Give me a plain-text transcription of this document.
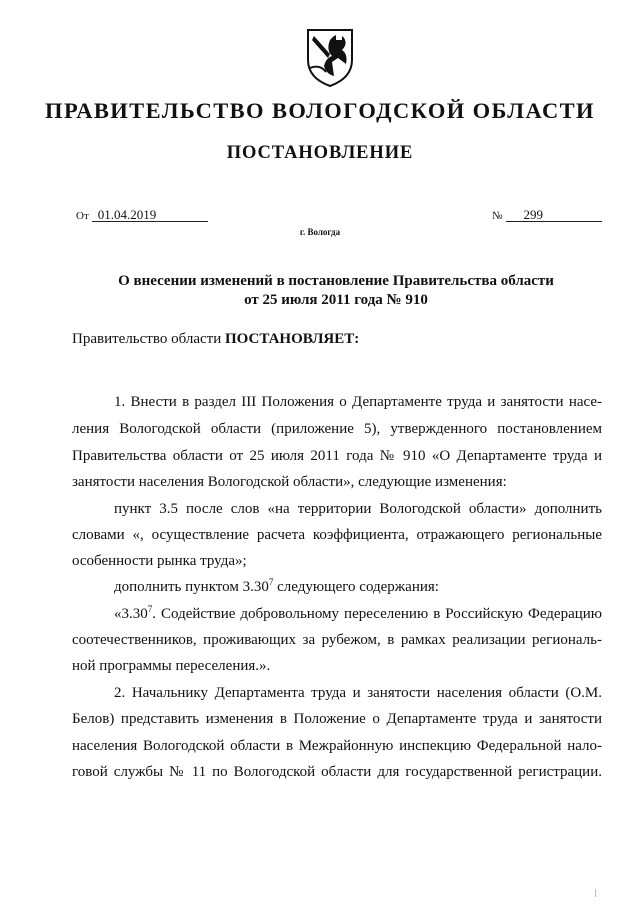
ПРАВИТЕЛЬСТВО ВОЛОГОДСКОЙ ОБЛАСТИ
ПОСТАНОВЛЕНИЕ
От 01.04.2019	№ 299
г. Вологда
О внесении изменений в постановление Правительства области
от 25 июля 2011 года № 910
Правительство области ПОСТАНОВЛЯЕТ:
1. Внести в раздел III Положения о Департаменте труда и занятости насе-
ления Вологодской области (приложение 5), утвержденного постановлением
Правительства области от 25 июля 2011 года № 910 «О Департаменте труда и
занятости населения Вологодской области», следующие изменения:
пункт 3.5 после слов «на территории Вологодской области» дополнить
словами «, осуществление расчета коэффициента, отражающего региональные
особенности рынка труда»;
дополнить пунктом 3.30$^7$ следующего содержания:
«3.30$^7$. Содействие добровольному переселению в Российскую Федерацию
соотечественников, проживающих за рубежом, в рамках реализации региональ-
ной программы переселения.».
2. Начальнику Департамента труда и занятости населения области (О.М.
Белов) представить изменения в Положение о Департаменте труда и занятости
населения Вологодской области в Межрайонную инспекцию Федеральной нало-
говой службы № 11 по Вологодской области для государственной регистрации.
